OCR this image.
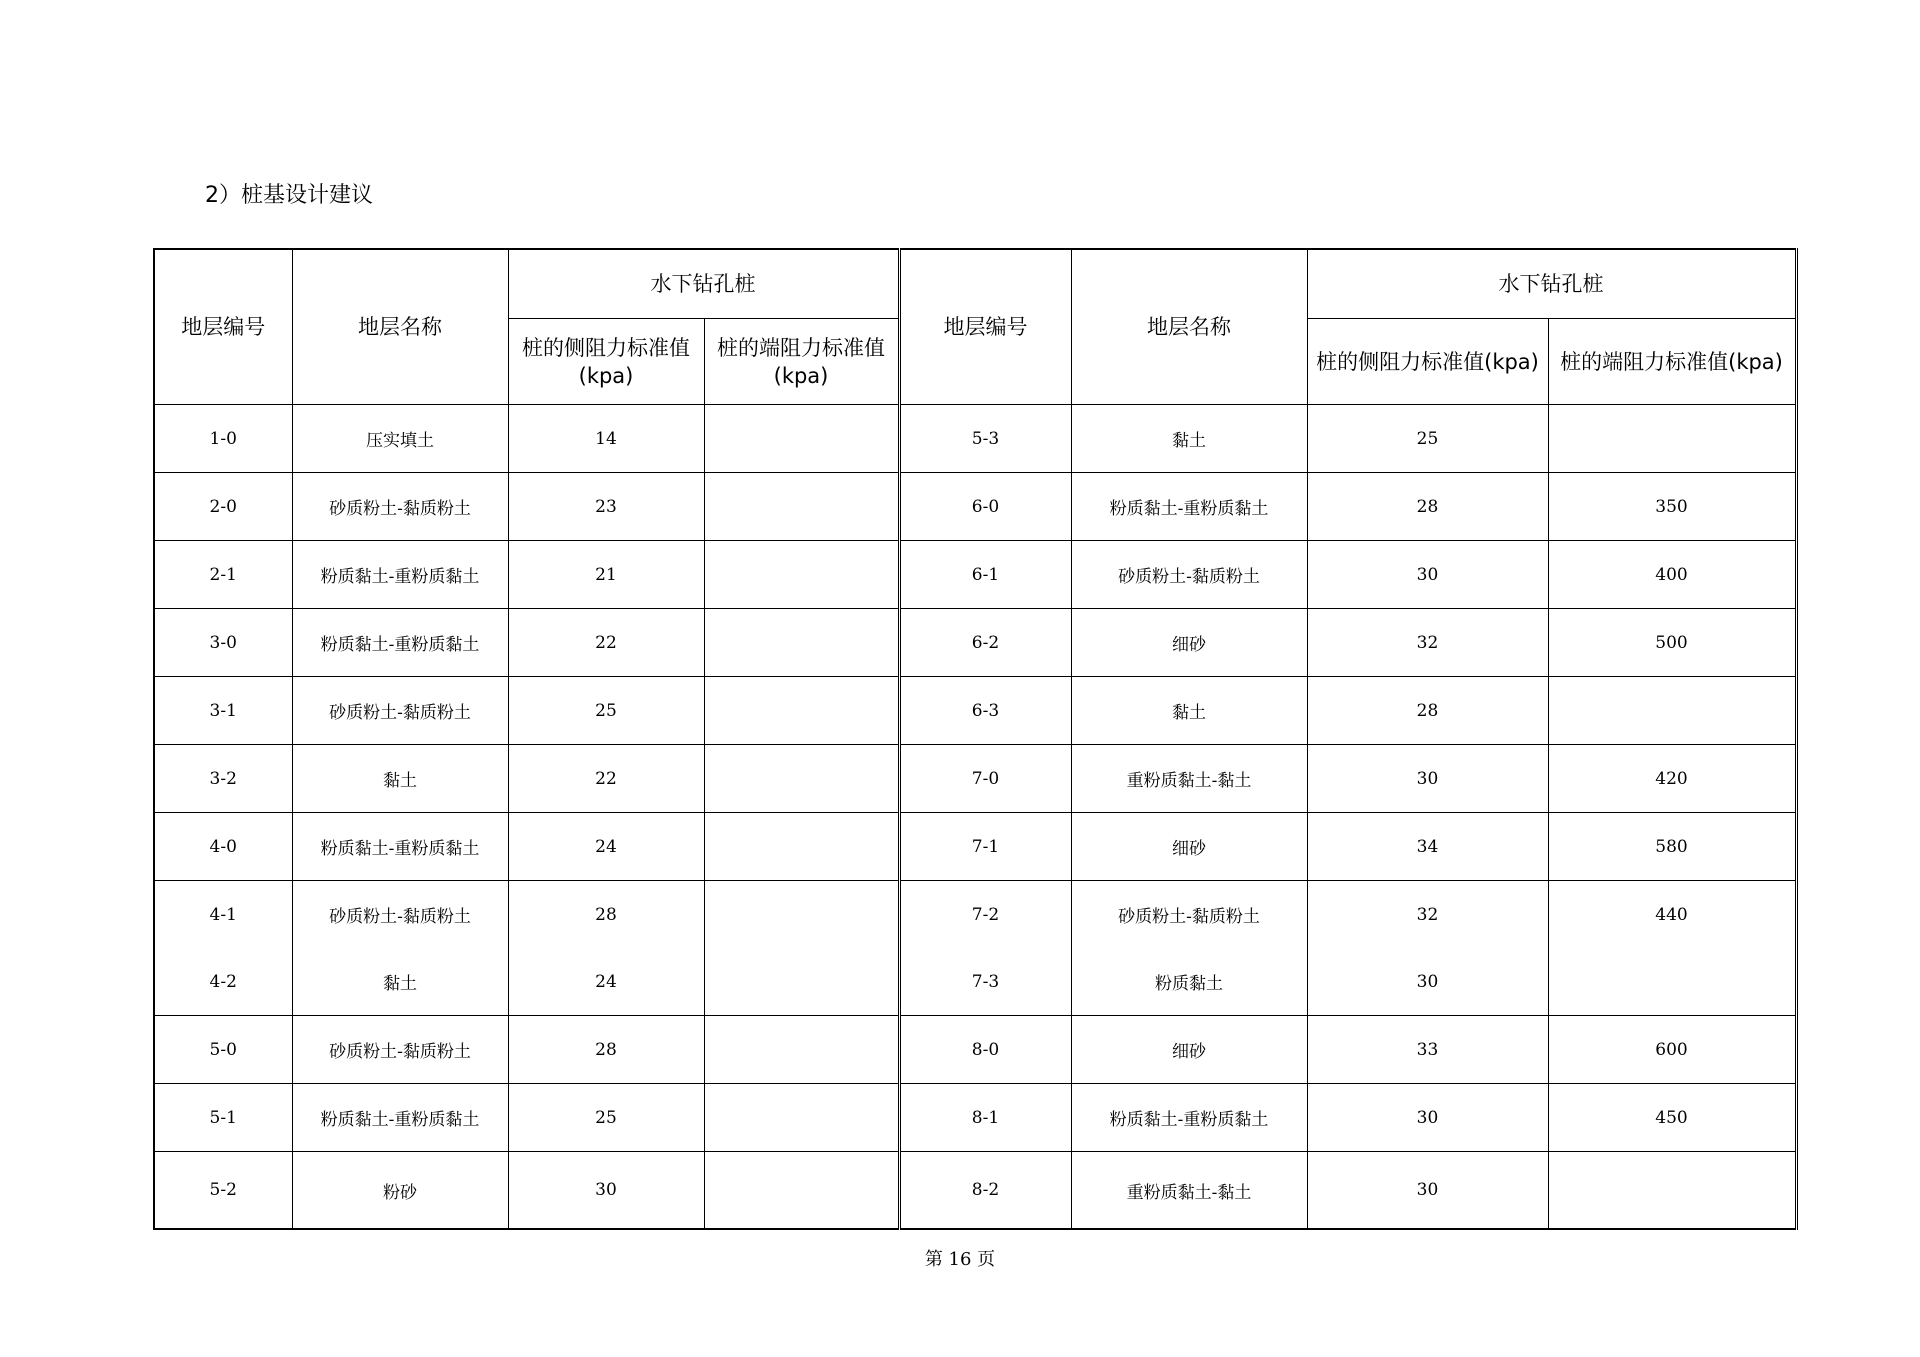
2）桩基设计建议
地层编号	地层名称	水下钻孔桩		地层编号	地层名称	水下钻孔桩	
		桩的侧阻力标准值(kpa)	桩的端阻力标准值(kpa)			桩的侧阻力标准值(kpa)	桩的端阻力标准值(kpa)
1-0	压实填土	14		5-3	黏土	25	
2-0	砂质粉土-黏质粉土	23		6-0	粉质黏土-重粉质黏土	28	350
2-1	粉质黏土-重粉质黏土	21		6-1	砂质粉土-黏质粉土	30	400
3-0	粉质黏土-重粉质黏土	22		6-2	细砂	32	500
3-1	砂质粉土-黏质粉土	25		6-3	黏土	28	
3-2	黏土	22		7-0	重粉质黏土-黏土	30	420
4-0	粉质黏土-重粉质黏土	24		7-1	细砂	34	580
4-1	砂质粉土-黏质粉土	28		7-2	砂质粉土-黏质粉土	32	440
4-2	黏土	24		7-3	粉质黏土	30	
5-0	砂质粉土-黏质粉土	28		8-0	细砂	33	600
5-1	粉质黏土-重粉质黏土	25		8-1	粉质黏土-重粉质黏土	30	450
5-2	粉砂	30		8-2	重粉质黏土-黏土	30	
第 16 页
